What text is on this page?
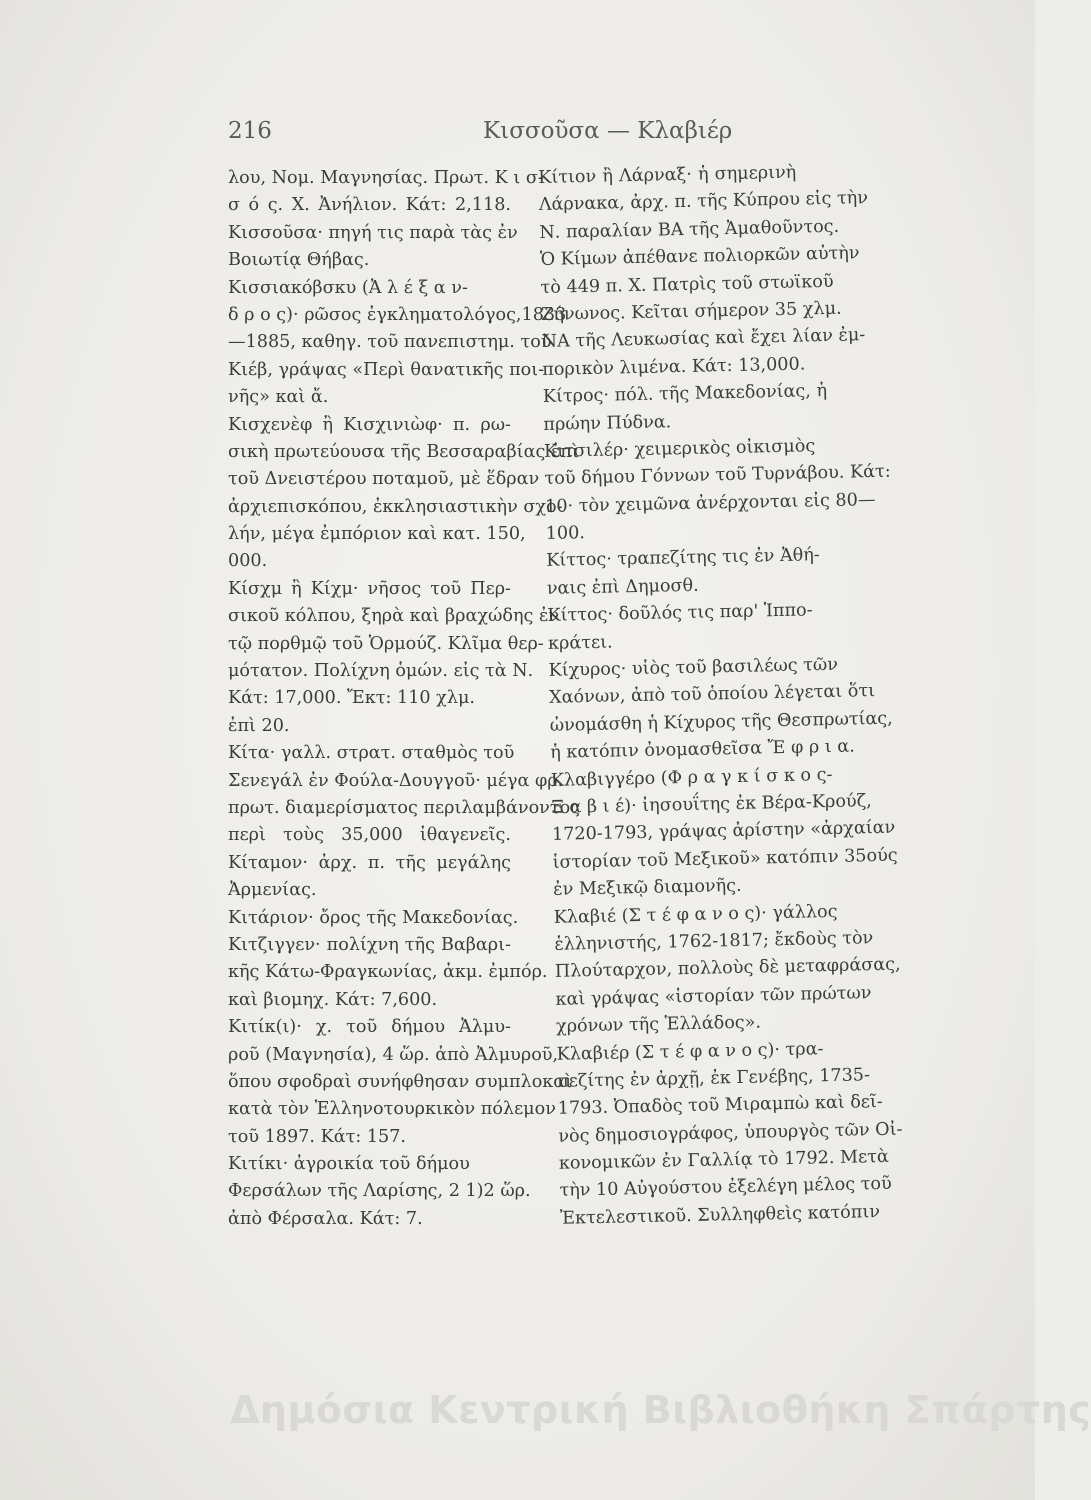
216	Κισσοῦσα — Κλαβιέρ
λου, Νομ. Μαγνησίας. Πρωτ. Κ ι σ-
σ ό ς. Χ. Ἀνήλιον. Κάτ: 2,118.
Κισσοῦσα· πηγή τις παρὰ τὰς ἐν
Βοιωτίᾳ Θήβας.
Κισσιακόβσκυ (Ἀ λ έ ξ α ν-
δ ρ ο ς)· ρῶσος ἐγκληματολόγος,1833
—1885, καθηγ. τοῦ πανεπιστημ. τοῦ
Κιέβ, γράψας «Περὶ θανατικῆς ποι-
νῆς» καὶ ἄ.
Κισχενὲφ ἢ Κισχινιὼφ· π. ρω-
σικὴ πρωτεύουσα τῆς Βεσσαραβίας ἐπὶ
τοῦ Δνειστέρου ποταμοῦ, μὲ ἕδραν
ἀρχιεπισκόπου, ἐκκλησιαστικὴν σχο-
λήν, μέγα ἐμπόριον καὶ κατ. 150,
000.
Κίσχμ ἢ Κίχμ· νῆσος τοῦ Περ-
σικοῦ κόλπου, ξηρὰ καὶ βραχώδης ἐν
τῷ πορθμῷ τοῦ Ὁρμούζ. Κλῖμα θερ-
μότατον. Πολίχνη ὁμών. εἰς τὰ Ν.
Κάτ: 17,000. Ἔκτ: 110 χλμ.
ἐπὶ 20.
Κίτα· γαλλ. στρατ. σταθμὸς τοῦ
Σενεγάλ ἐν Φούλα-Δουγγοῦ· μέγα φρ.
πρωτ. διαμερίσματος περιλαμβάνοντος
περὶ τοὺς 35,000 ἰθαγενεῖς.
Κίταμον· ἀρχ. π. τῆς μεγάλης
Ἀρμενίας.
Κιτάριον· ὄρος τῆς Μακεδονίας.
Κιτζιγγεν· πολίχνη τῆς Βαβαρι-
κῆς Κάτω-Φραγκωνίας, ἀκμ. ἐμπόρ.
καὶ βιομηχ. Κάτ: 7,600.
Κιτίκ(ι)· χ. τοῦ δήμου Ἀλμυ-
ροῦ (Μαγνησία), 4 ὥρ. ἀπὸ Ἀλμυροῦ,
ὅπου σφοδραὶ συνήφθησαν συμπλοκαὶ
κατὰ τὸν Ἑλληνοτουρκικὸν πόλεμον
τοῦ 1897. Κάτ: 157.
Κιτίκι· ἀγροικία τοῦ δήμου
Φερσάλων τῆς Λαρίσης, 2 1)2 ὥρ.
ἀπὸ Φέρσαλα. Κάτ: 7.
Κίτιον ἢ Λάρναξ· ἡ σημερινὴ
Λάρνακα, ἀρχ. π. τῆς Κύπρου εἰς τὴν
Ν. παραλίαν ΒΑ τῆς Ἀμαθοῦντος.
Ὁ Κίμων ἀπέθανε πολιορκῶν αὐτὴν
τὸ 449 π. Χ. Πατρὶς τοῦ στωϊκοῦ
Ζήνωνος. Κεῖται σήμερον 35 χλμ.
ΝΑ τῆς Λευκωσίας καὶ ἔχει λίαν ἐμ-
πορικὸν λιμένα. Κάτ: 13,000.
Κίτρος· πόλ. τῆς Μακεδονίας, ἡ
πρώην Πύδνα.
Κιτσιλέρ· χειμερικὸς οἰκισμὸς
τοῦ δήμου Γόννων τοῦ Τυρνάβου. Κάτ:
10· τὸν χειμῶνα ἀνέρχονται εἰς 80—
100.
Κίττος· τραπεζίτης τις ἐν Ἀθή-
ναις ἐπὶ Δημοσθ.
Κίττος· δοῦλός τις παρ' Ἱππο-
κράτει.
Κίχυρος· υἱὸς τοῦ βασιλέως τῶν
Χαόνων, ἀπὸ τοῦ ὁποίου λέγεται ὅτι
ὠνομάσθη ἡ Κίχυρος τῆς Θεσπρωτίας,
ἡ κατόπιν ὀνομασθεῖσα Ἔ φ ρ ι α.
Κλαβιγγέρο (Φ ρ α γ κ ί σ κ ο ς-
Ξ α β ι έ)· ἰησουΐτης ἐκ Βέρα-Κρούζ,
1720-1793, γράψας ἀρίστην «ἀρχαίαν
ἱστορίαν τοῦ Μεξικοῦ» κατόπιν 35ούς
ἐν Μεξικῷ διαμονῆς.
Κλαβιέ (Σ τ έ φ α ν ο ς)· γάλλος
ἑλληνιστής, 1762-1817; ἔκδοὺς τὸν
Πλούταρχον, πολλοὺς δὲ μεταφράσας,
καὶ γράψας «ἱστορίαν τῶν πρώτων
χρόνων τῆς Ἑλλάδος».
Κλαβιέρ (Σ τ έ φ α ν ο ς)· τρα-
πεζίτης ἐν ἀρχῇ, ἐκ Γενέβης, 1735-
1793. Ὀπαδὸς τοῦ Μιραμπὼ καὶ δεῖ-
νὸς δημοσιογράφος, ὑπουργὸς τῶν Οἰ-
κονομικῶν ἐν Γαλλίᾳ τὸ 1792. Μετὰ
τὴν 10 Αὐγούστου ἐξελέγη μέλος τοῦ
Ἐκτελεστικοῦ. Συλληφθεὶς κατόπιν
Δημόσια Κεντρική Βιβλιοθήκη Σπάρτης
